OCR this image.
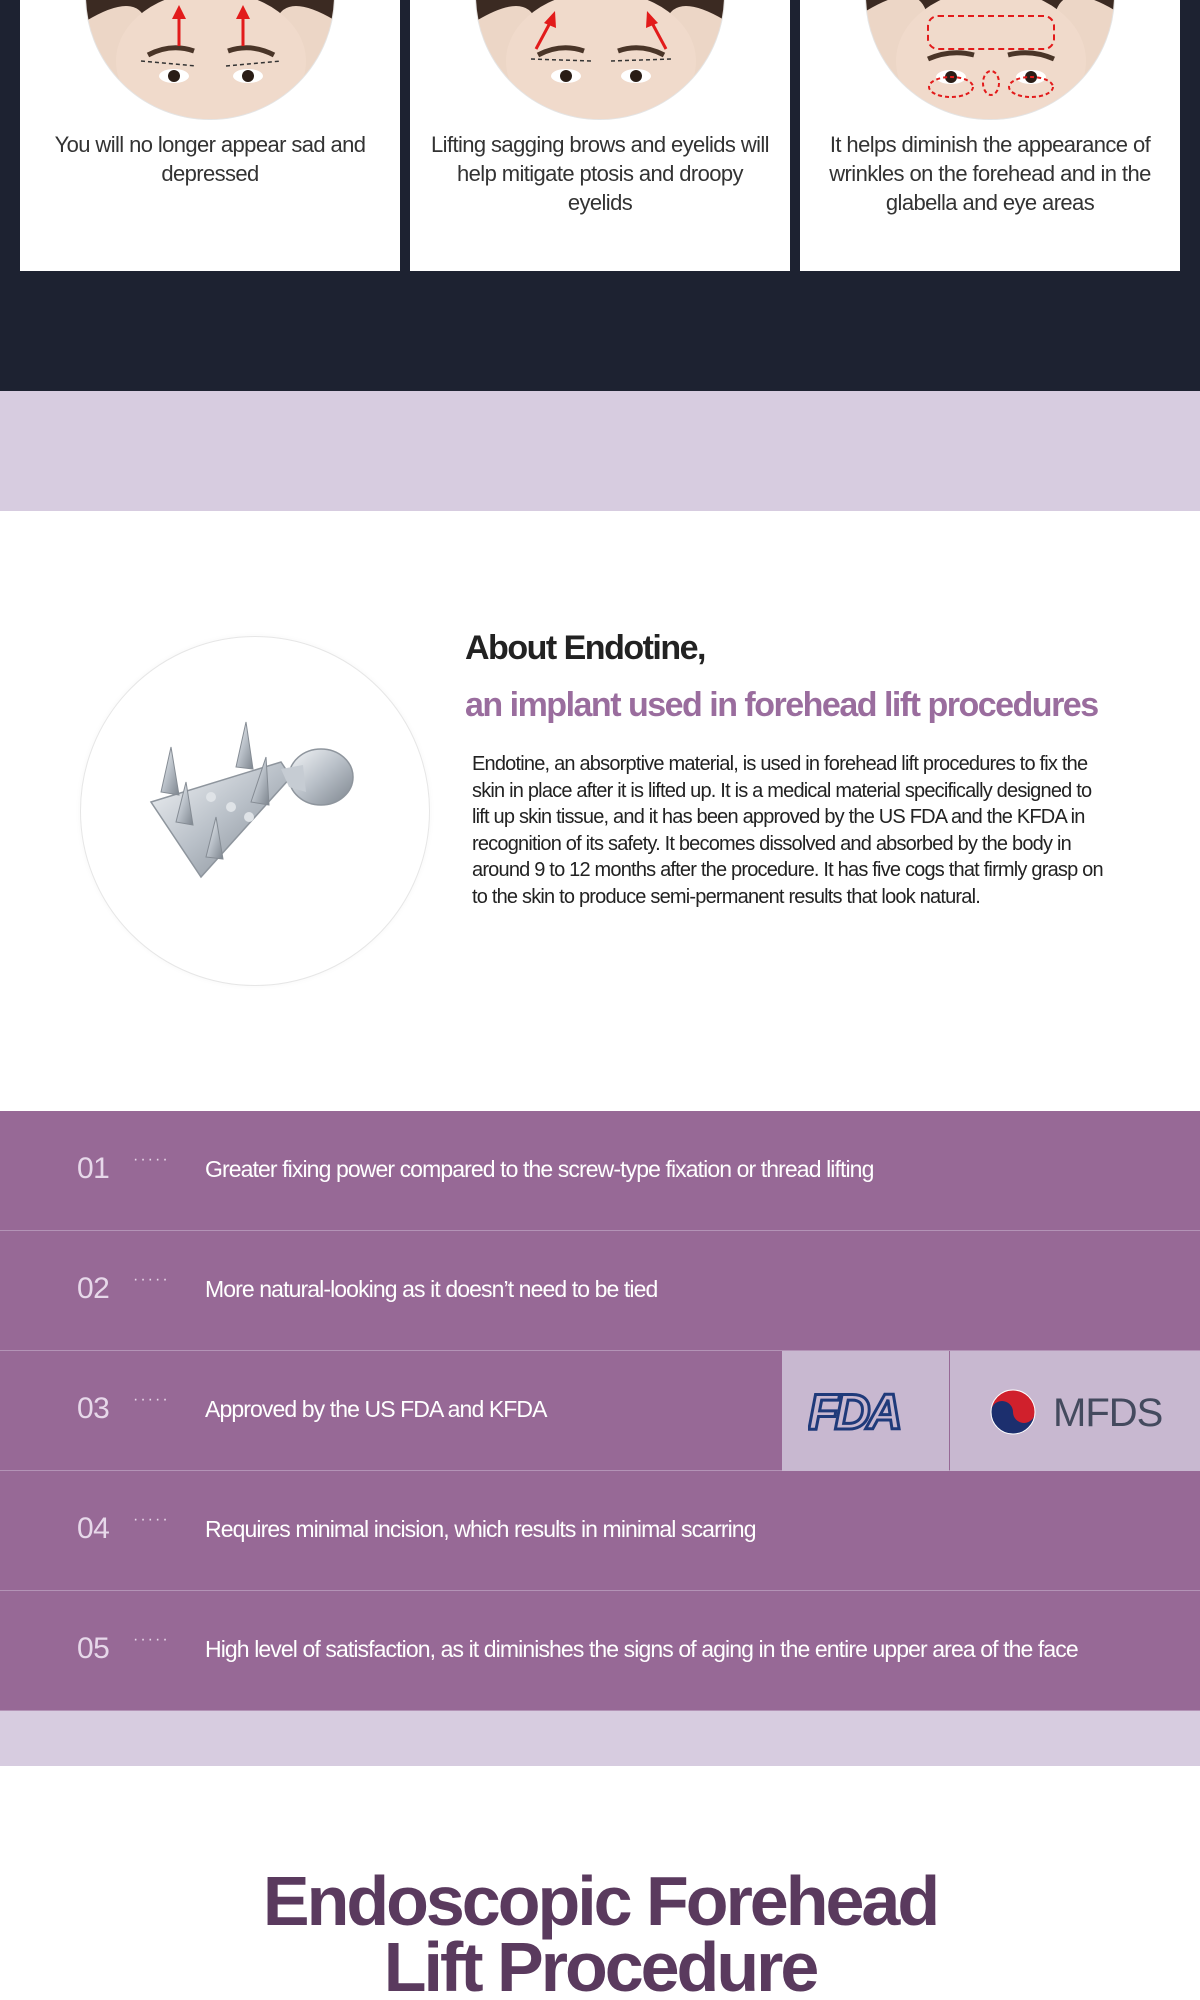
You will no longer appear sad and depressed

Lifting sagging brows and eyelids will help mitigate ptosis and droopy eyelids

It helps diminish the appearance of wrinkles on the forehead and in the glabella and eye areas

About Endotine,
an implant used in forehead lift procedures

Endotine, an absorptive material, is used in forehead lift procedures to fix the skin in place after it is lifted up. It is a medical material specifically designed to lift up skin tissue, and it has been approved by the US FDA and the KFDA in recognition of its safety. It becomes dissolved and absorbed by the body in around 9 to 12 months after the procedure. It has five cogs that firmly grasp on to the skin to produce semi-permanent results that look natural.

01 ····· Greater fixing power compared to the screw-type fixation or thread lifting
02 ····· More natural-looking as it doesn’t need to be tied
03 ····· Approved by the US FDA and KFDA	FDA	MFDS
04 ····· Requires minimal incision, which results in minimal scarring
05 ····· High level of satisfaction, as it diminishes the signs of aging in the entire upper area of the face
Endoscopic Forehead
Lift Procedure
